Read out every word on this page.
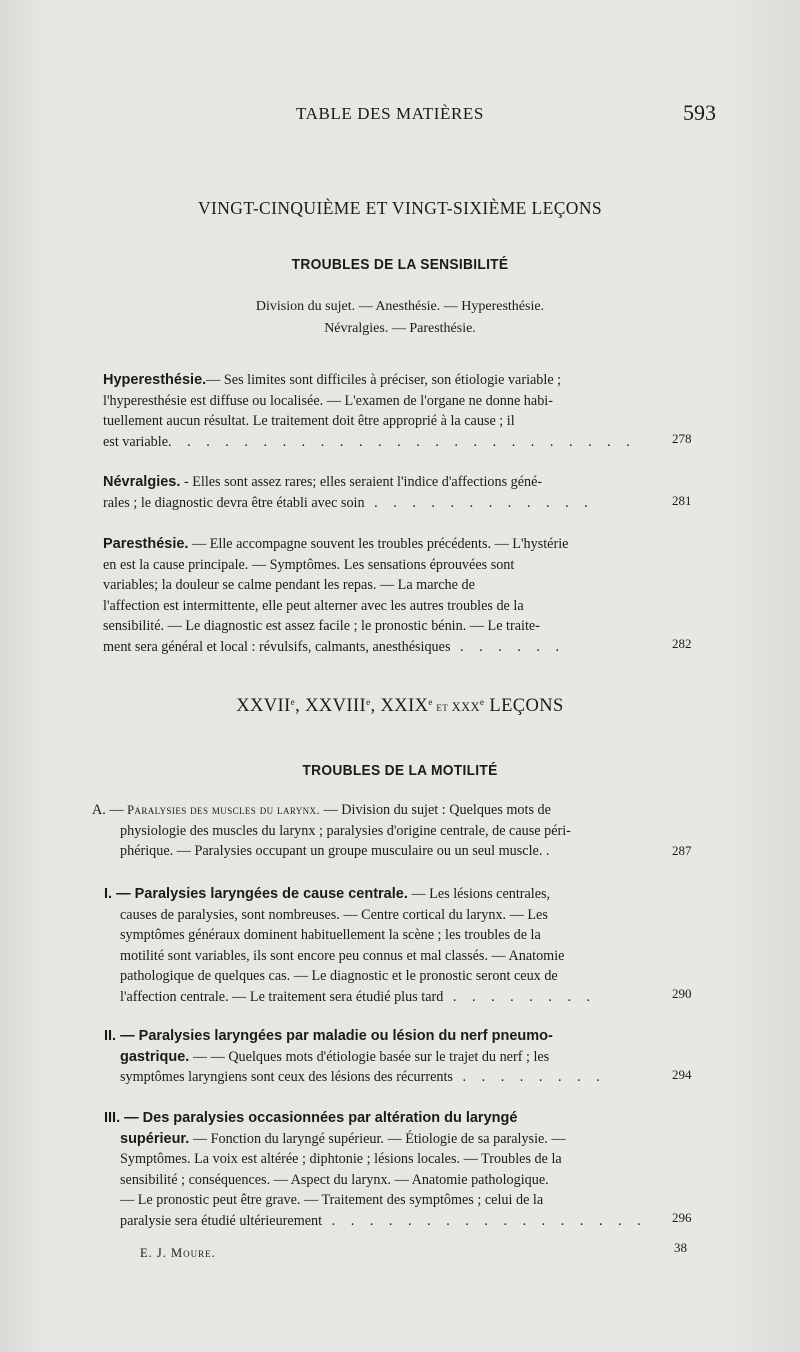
TABLE DES MATIÈRES	593
VINGT-CINQUIÈME ET VINGT-SIXIÈME LEÇONS
TROUBLES DE LA SENSIBILITÉ
Division du sujet. — Anesthésie. — Hyperesthésie.
Névralgies. — Paresthésie.
Hyperesthésie.— Ses limites sont difficiles à préciser, son étiologie variable ;
l'hyperesthésie est diffuse ou localisée. — L'examen de l'organe ne donne habi-
tuellement aucun résultat. Le traitement doit être approprié à la cause ; il
est variable. . . . . . . . . . . . . . . . . . . . . . . . .	278
Névralgies. - Elles sont assez rares; elles seraient l'indice d'affections géné-
rales ; le diagnostic devra être établi avec soin . . . . . . . . . . . .	281
Paresthésie. — Elle accompagne souvent les troubles précédents. — L'hystérie
en est la cause principale. — Symptômes. Les sensations éprouvées sont
variables; la douleur se calme pendant les repas. — La marche de
l'affection est intermittente, elle peut alterner avec les autres troubles de la
sensibilité. — Le diagnostic est assez facile ; le pronostic bénin. — Le traite-
ment sera général et local : révulsifs, calmants, anesthésiques . . . . . .	282
XXVIIe, XXVIIIe, XXIXe et XXXe LEÇONS
TROUBLES DE LA MOTILITÉ
A. — Paralysies des muscles du larynx. — Division du sujet : Quelques mots de
physiologie des muscles du larynx ; paralysies d'origine centrale, de cause péri-
phérique. — Paralysies occupant un groupe musculaire ou un seul muscle. .	287
I. — Paralysies laryngées de cause centrale. — Les lésions centrales,
causes de paralysies, sont nombreuses. — Centre cortical du larynx. — Les
symptômes généraux dominent habituellement la scène ; les troubles de la
motilité sont variables, ils sont encore peu connus et mal classés. — Anatomie
pathologique de quelques cas. — Le diagnostic et le pronostic seront ceux de
l'affection centrale. — Le traitement sera étudié plus tard . . . . . . . .	290
II. — Paralysies laryngées par maladie ou lésion du nerf pneumo-
gastrique. — — Quelques mots d'étiologie basée sur le trajet du nerf ; les
symptômes laryngiens sont ceux des lésions des récurrents . . . . . . . .	294
III. — Des paralysies occasionnées par altération du laryngé
supérieur. — Fonction du laryngé supérieur. — Étiologie de sa paralysie. —
Symptômes. La voix est altérée ; diphtonie ; lésions locales. — Troubles de la
sensibilité ; conséquences. — Aspect du larynx. — Anatomie pathologique.
— Le pronostic peut être grave. — Traitement des symptômes ; celui de la
paralysie sera étudié ultérieurement . . . . . . . . . . . . . . . . .	296
E. J. Moure.	38
